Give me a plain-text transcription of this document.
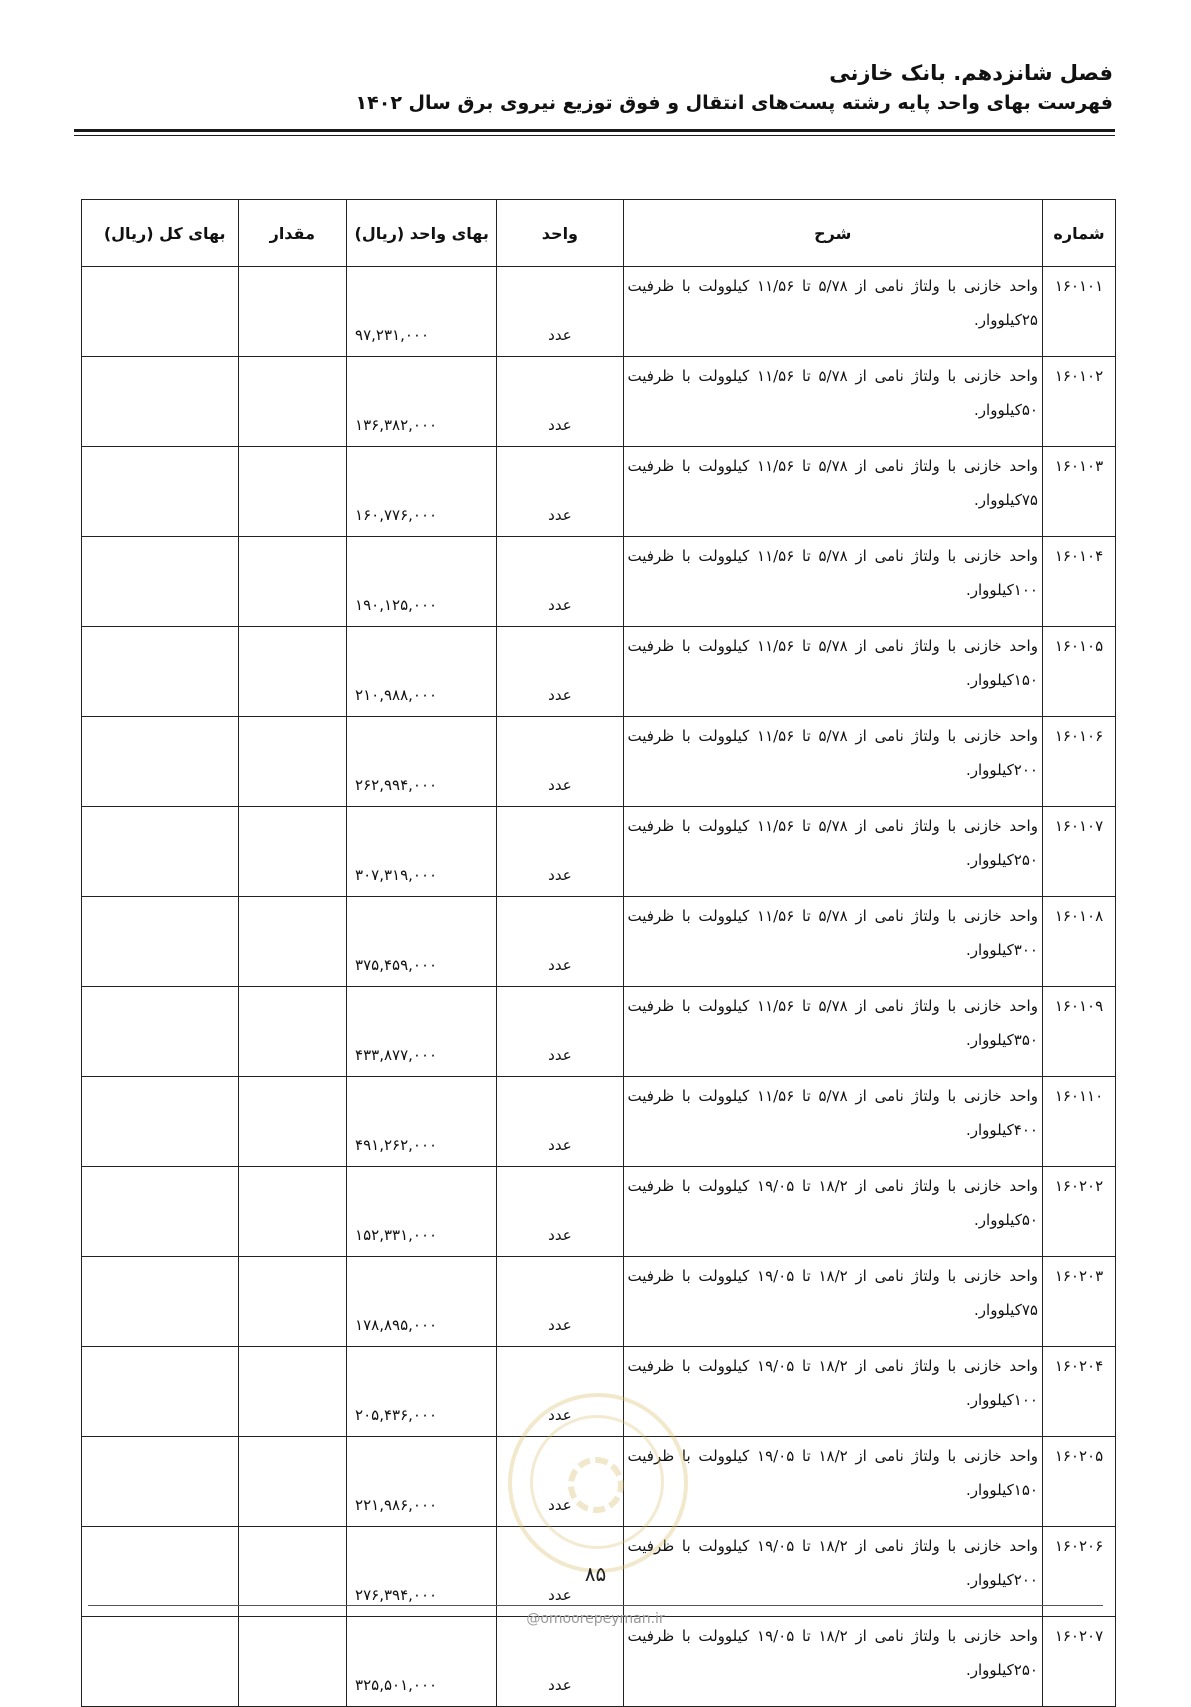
فصل شانزدهم. بانک خازنی
فهرست بهای واحد پایه رشته پست‌های انتقال و فوق توزیع نیروی برق سال ۱۴۰۲
شماره	شرح	واحد	بهای واحد (ریال)	مقدار	بهای کل (ریال)
۱۶۰۱۰۱	واحد خازنی با ولتاژ نامی از ۵/۷۸ تا ۱۱/۵۶ کیلوولت با ظرفیت ۲۵کیلووار.	عدد	۹۷,۲۳۱,۰۰۰		
۱۶۰۱۰۲	واحد خازنی با ولتاژ نامی از ۵/۷۸ تا ۱۱/۵۶ کیلوولت با ظرفیت ۵۰کیلووار.	عدد	۱۳۶,۳۸۲,۰۰۰		
۱۶۰۱۰۳	واحد خازنی با ولتاژ نامی از ۵/۷۸ تا ۱۱/۵۶ کیلوولت با ظرفیت ۷۵کیلووار.	عدد	۱۶۰,۷۷۶,۰۰۰		
۱۶۰۱۰۴	واحد خازنی با ولتاژ نامی از ۵/۷۸ تا ۱۱/۵۶ کیلوولت با ظرفیت ۱۰۰کیلووار.	عدد	۱۹۰,۱۲۵,۰۰۰		
۱۶۰۱۰۵	واحد خازنی با ولتاژ نامی از ۵/۷۸ تا ۱۱/۵۶ کیلوولت با ظرفیت ۱۵۰کیلووار.	عدد	۲۱۰,۹۸۸,۰۰۰		
۱۶۰۱۰۶	واحد خازنی با ولتاژ نامی از ۵/۷۸ تا ۱۱/۵۶ کیلوولت با ظرفیت ۲۰۰کیلووار.	عدد	۲۶۲,۹۹۴,۰۰۰		
۱۶۰۱۰۷	واحد خازنی با ولتاژ نامی از ۵/۷۸ تا ۱۱/۵۶ کیلوولت با ظرفیت ۲۵۰کیلووار.	عدد	۳۰۷,۳۱۹,۰۰۰		
۱۶۰۱۰۸	واحد خازنی با ولتاژ نامی از ۵/۷۸ تا ۱۱/۵۶ کیلوولت با ظرفیت ۳۰۰کیلووار.	عدد	۳۷۵,۴۵۹,۰۰۰		
۱۶۰۱۰۹	واحد خازنی با ولتاژ نامی از ۵/۷۸ تا ۱۱/۵۶ کیلوولت با ظرفیت ۳۵۰کیلووار.	عدد	۴۳۳,۸۷۷,۰۰۰		
۱۶۰۱۱۰	واحد خازنی با ولتاژ نامی از ۵/۷۸ تا ۱۱/۵۶ کیلوولت با ظرفیت ۴۰۰کیلووار.	عدد	۴۹۱,۲۶۲,۰۰۰		
۱۶۰۲۰۲	واحد خازنی با ولتاژ نامی از ۱۸/۲ تا ۱۹/۰۵ کیلوولت با ظرفیت ۵۰کیلووار.	عدد	۱۵۲,۳۳۱,۰۰۰		
۱۶۰۲۰۳	واحد خازنی با ولتاژ نامی از ۱۸/۲ تا ۱۹/۰۵ کیلوولت با ظرفیت ۷۵کیلووار.	عدد	۱۷۸,۸۹۵,۰۰۰		
۱۶۰۲۰۴	واحد خازنی با ولتاژ نامی از ۱۸/۲ تا ۱۹/۰۵ کیلوولت با ظرفیت ۱۰۰کیلووار.	عدد	۲۰۵,۴۳۶,۰۰۰		
۱۶۰۲۰۵	واحد خازنی با ولتاژ نامی از ۱۸/۲ تا ۱۹/۰۵ کیلوولت با ظرفیت ۱۵۰کیلووار.	عدد	۲۲۱,۹۸۶,۰۰۰		
۱۶۰۲۰۶	واحد خازنی با ولتاژ نامی از ۱۸/۲ تا ۱۹/۰۵ کیلوولت با ظرفیت ۲۰۰کیلووار.	عدد	۲۷۶,۳۹۴,۰۰۰		
۱۶۰۲۰۷	واحد خازنی با ولتاژ نامی از ۱۸/۲ تا ۱۹/۰۵ کیلوولت با ظرفیت ۲۵۰کیلووار.	عدد	۳۲۵,۵۰۱,۰۰۰		
۸۵
@omoorepeyman.ir
